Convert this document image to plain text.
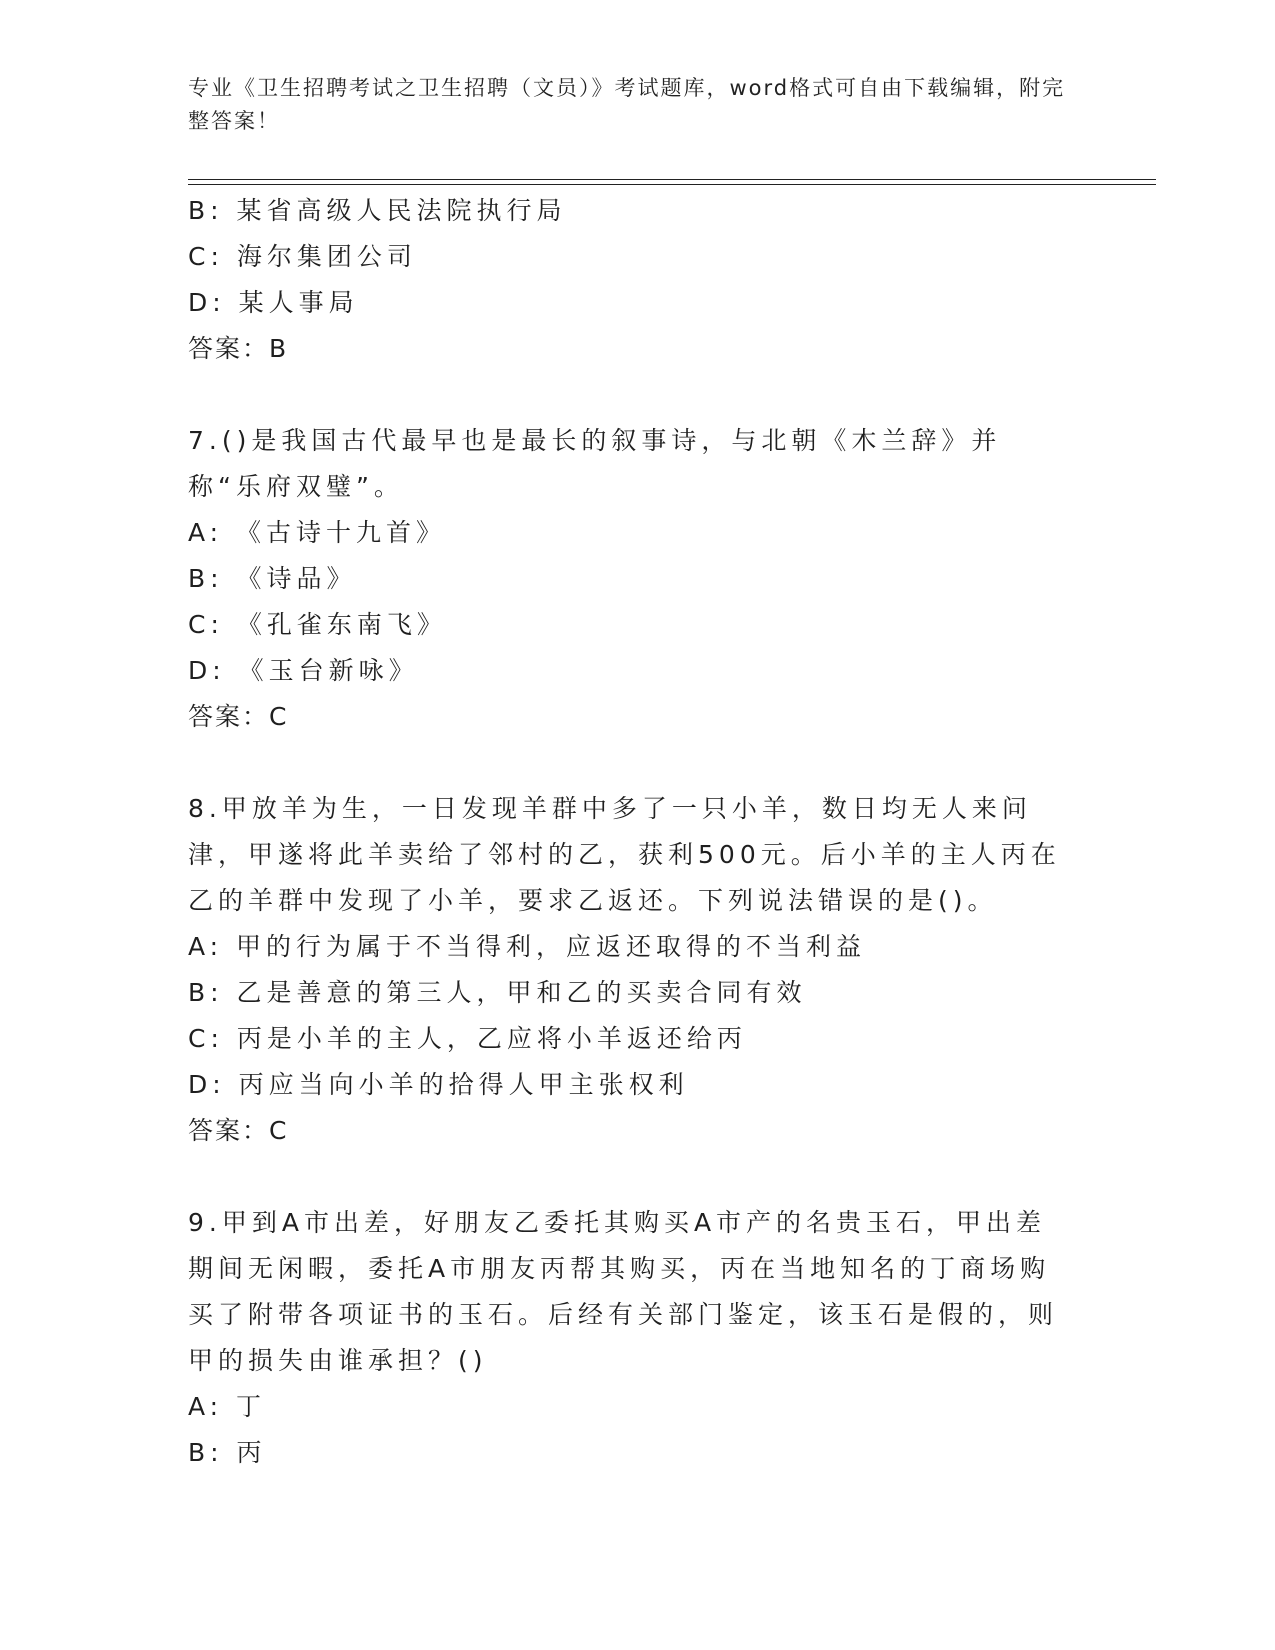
专业《卫生招聘考试之卫生招聘（文员）》考试题库，word格式可自由下载编辑，附完整答案！
B: 某省高级人民法院执行局
C: 海尔集团公司
D: 某人事局
答案：B
7.()是我国古代最早也是最长的叙事诗，与北朝《木兰辞》并称“乐府双璧”。
A: 《古诗十九首》
B: 《诗品》
C: 《孔雀东南飞》
D: 《玉台新咏》
答案：C
8.甲放羊为生，一日发现羊群中多了一只小羊，数日均无人来问津，甲遂将此羊卖给了邻村的乙，获利500元。后小羊的主人丙在乙的羊群中发现了小羊，要求乙返还。下列说法错误的是()。
A: 甲的行为属于不当得利，应返还取得的不当利益
B: 乙是善意的第三人，甲和乙的买卖合同有效
C: 丙是小羊的主人，乙应将小羊返还给丙
D: 丙应当向小羊的拾得人甲主张权利
答案：C
9.甲到A市出差，好朋友乙委托其购买A市产的名贵玉石，甲出差期间无闲暇，委托A市朋友丙帮其购买，丙在当地知名的丁商场购买了附带各项证书的玉石。后经有关部门鉴定，该玉石是假的，则甲的损失由谁承担？()
A: 丁
B: 丙
